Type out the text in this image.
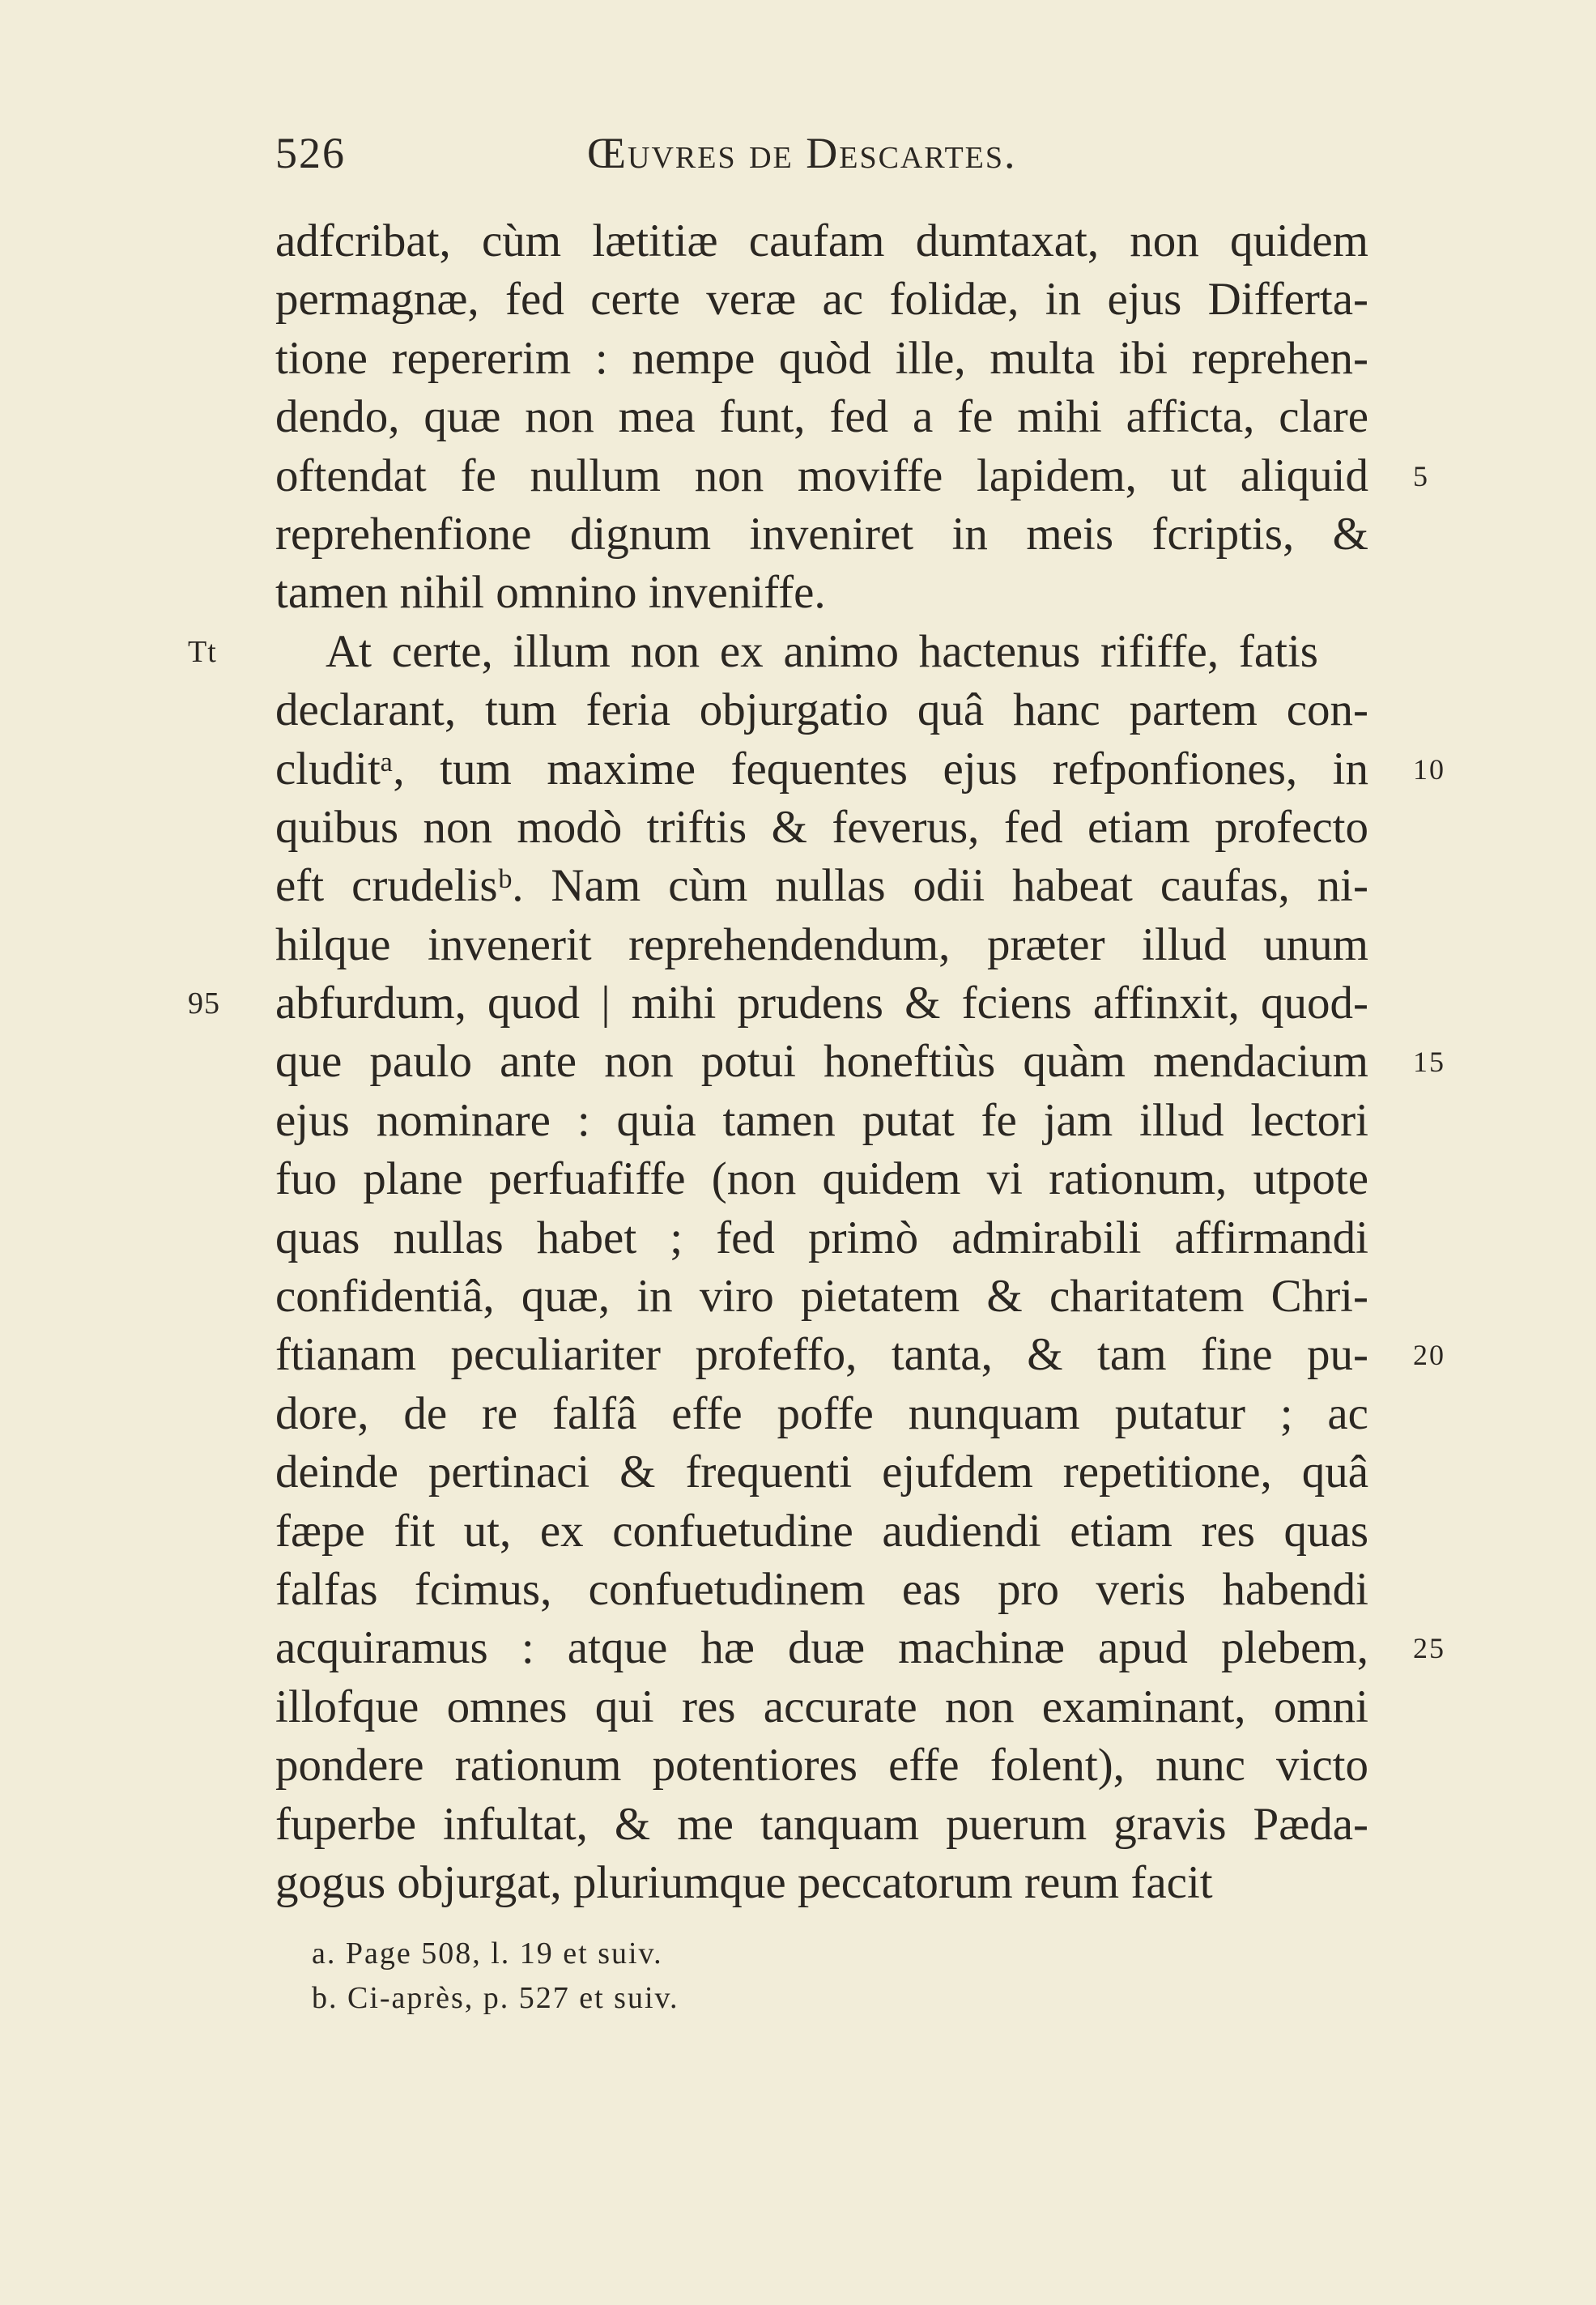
526	Œuvres de Descartes.
adfcribat, cùm lætitiæ caufam dumtaxat, non quidem
permagnæ, fed certe veræ ac folidæ, in ejus Differta-
tione repererim : nempe quòd ille, multa ibi reprehen-
dendo, quæ non mea funt, fed a fe mihi afficta, clare
oftendat fe nullum non moviffe lapidem, ut aliquid 5
reprehenfione dignum inveniret in meis fcriptis, &
tamen nihil omnino inveniffe.
At certe, illum non ex animo hactenus rififfe, fatis
Tt
declarant, tum feria objurgatio quâ hanc partem con-
cluditᵃ, tum maxime fequentes ejus refponfiones, in 10
quibus non modò triftis & feverus, fed etiam profecto
eft crudelisᵇ. Nam cùm nullas odii habeat caufas, ni-
hilque invenerit reprehendendum, præter illud unum
abfurdum, quod | mihi prudens & fciens affinxit, quod-
95
que paulo ante non potui honeftiùs quàm mendacium 15
ejus nominare : quia tamen putat fe jam illud lectori
fuo plane perfuafiffe (non quidem vi rationum, utpote
quas nullas habet ; fed primò admirabili affirmandi
confidentiâ, quæ, in viro pietatem & charitatem Chri-
ftianam peculiariter profeffo, tanta, & tam fine pu- 20
dore, de re falfâ effe poffe nunquam putatur ; ac
deinde pertinaci & frequenti ejufdem repetitione, quâ
fæpe fit ut, ex confuetudine audiendi etiam res quas
falfas fcimus, confuetudinem eas pro veris habendi
acquiramus : atque hæ duæ machinæ apud plebem, 25
illofque omnes qui res accurate non examinant, omni
pondere rationum potentiores effe folent), nunc victo
fuperbe infultat, & me tanquam puerum gravis Pæda-
gogus objurgat, pluriumque peccatorum reum facit
a. Page 508, l. 19 et suiv.
b. Ci-après, p. 527 et suiv.
